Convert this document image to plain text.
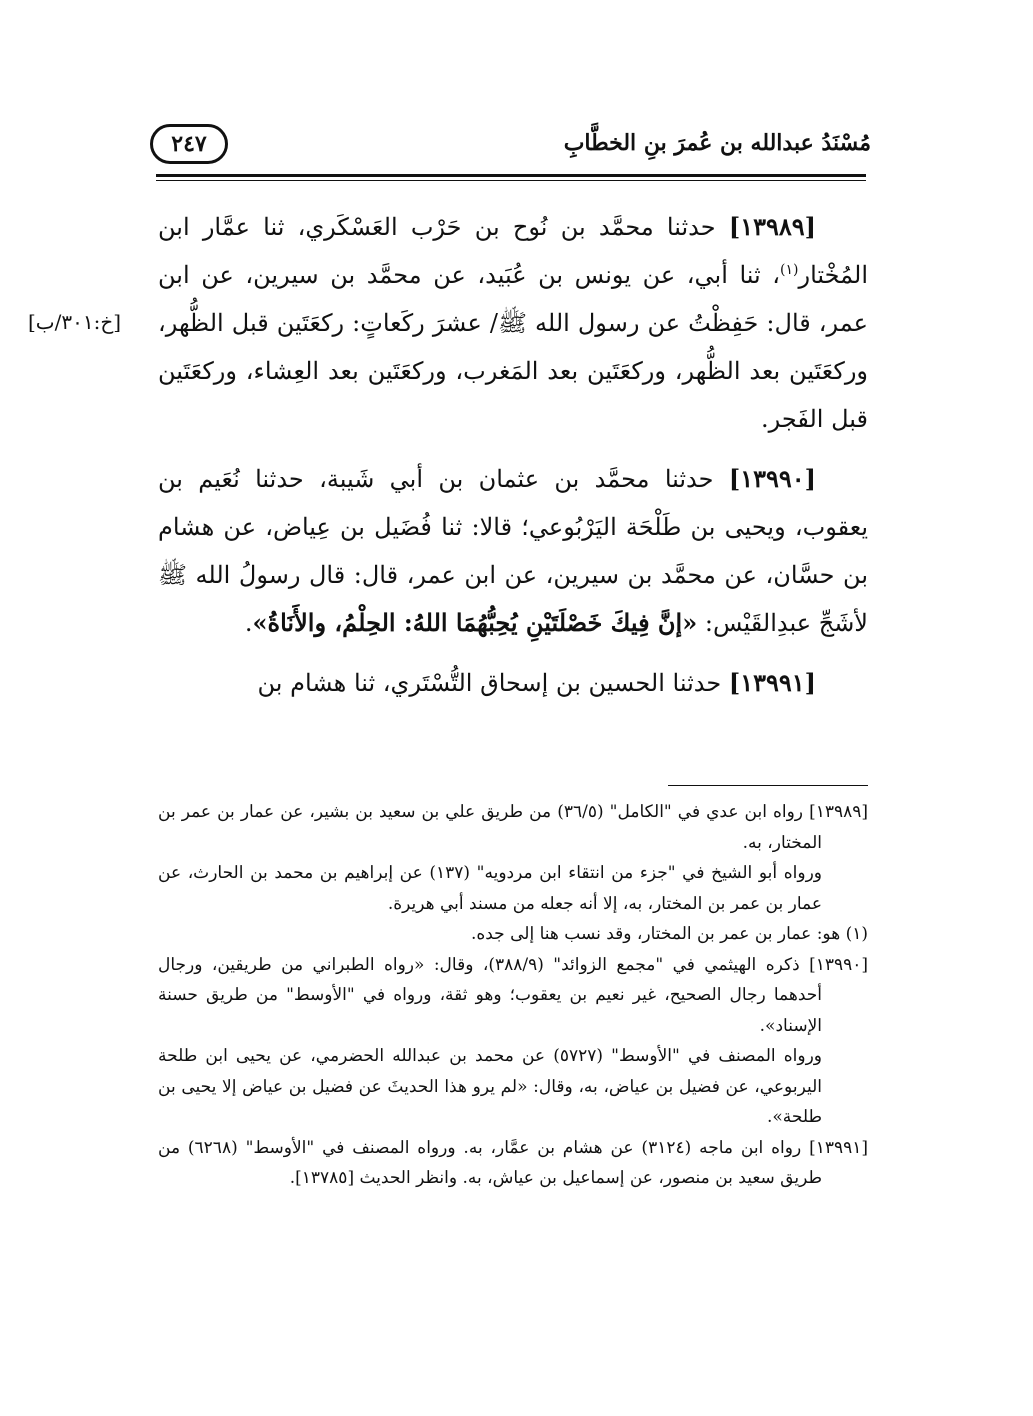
مُسْنَدُ عبدالله بن عُمرَ بنِ الخطَّابِ
٢٤٧
[خ:٣٠١/ب]

[١٣٩٨٩] حدثنا محمَّد بن نُوح بن حَرْب العَسْكَري، ثنا عمَّار ابن المُخْتار$^{(١)}$، ثنا أبي، عن يونس بن عُبَيد، عن محمَّد بن سيرين، عن ابن عمر، قال: حَفِظْتُ عن رسول الله ﷺ/ عشرَ ركَعاتٍ: ركعَتَين قبل الظُّهر، وركعَتَين بعد الظُّهر، وركعَتَين بعد المَغرب، وركعَتَين بعد العِشاء، وركعَتَين قبل الفَجر.

[١٣٩٩٠] حدثنا محمَّد بن عثمان بن أبي شَيبة، حدثنا نُعَيم بن يعقوب، ويحيى بن طَلْحَة اليَرْبُوعي؛ قالا: ثنا فُضَيل بن عِياض، عن هشام بن حسَّان، عن محمَّد بن سيرين، عن ابن عمر، قال: قال رسولُ الله ﷺ لأشَجِّ عبدِالقَيْس: «إنَّ فِيكَ خَصْلَتَيْنِ يُحِبُّهُمَا اللهُ: الحِلْمُ، والأَنَاةُ».

[١٣٩٩١] حدثنا الحسين بن إسحاق التُّسْتَري، ثنا هشام بن

[١٣٩٨٩] رواه ابن عدي في "الكامل" (٣٦/٥) من طريق علي بن سعيد بن بشير، عن عمار بن عمر بن المختار، به.

ورواه أبو الشيخ في "جزء من انتقاء ابن مردويه" (١٣٧) عن إبراهيم بن محمد بن الحارث، عن عمار بن عمر بن المختار، به، إلا أنه جعله من مسند أبي هريرة.

(١) هو: عمار بن عمر بن المختار، وقد نسب هنا إلى جده.

[١٣٩٩٠] ذكره الهيثمي في "مجمع الزوائد" (٣٨٨/٩)، وقال: «رواه الطبراني من طريقين، ورجال أحدهما رجال الصحيح، غير نعيم بن يعقوب؛ وهو ثقة، ورواه في "الأوسط" من طريق حسنة الإسناد».

ورواه المصنف في "الأوسط" (٥٧٢٧) عن محمد بن عبدالله الحضرمي، عن يحيى ابن طلحة اليربوعي، عن فضيل بن عياض، به، وقال: «لم يرو هذا الحديثَ عن فضيل بن عياض إلا يحيى بن طلحة».

[١٣٩٩١] رواه ابن ماجه (٣١٢٤) عن هشام بن عمَّار، به. ورواه المصنف في "الأوسط" (٦٢٦٨) من طريق سعيد بن منصور، عن إسماعيل بن عياش، به. وانظر الحديث [١٣٧٨٥].
